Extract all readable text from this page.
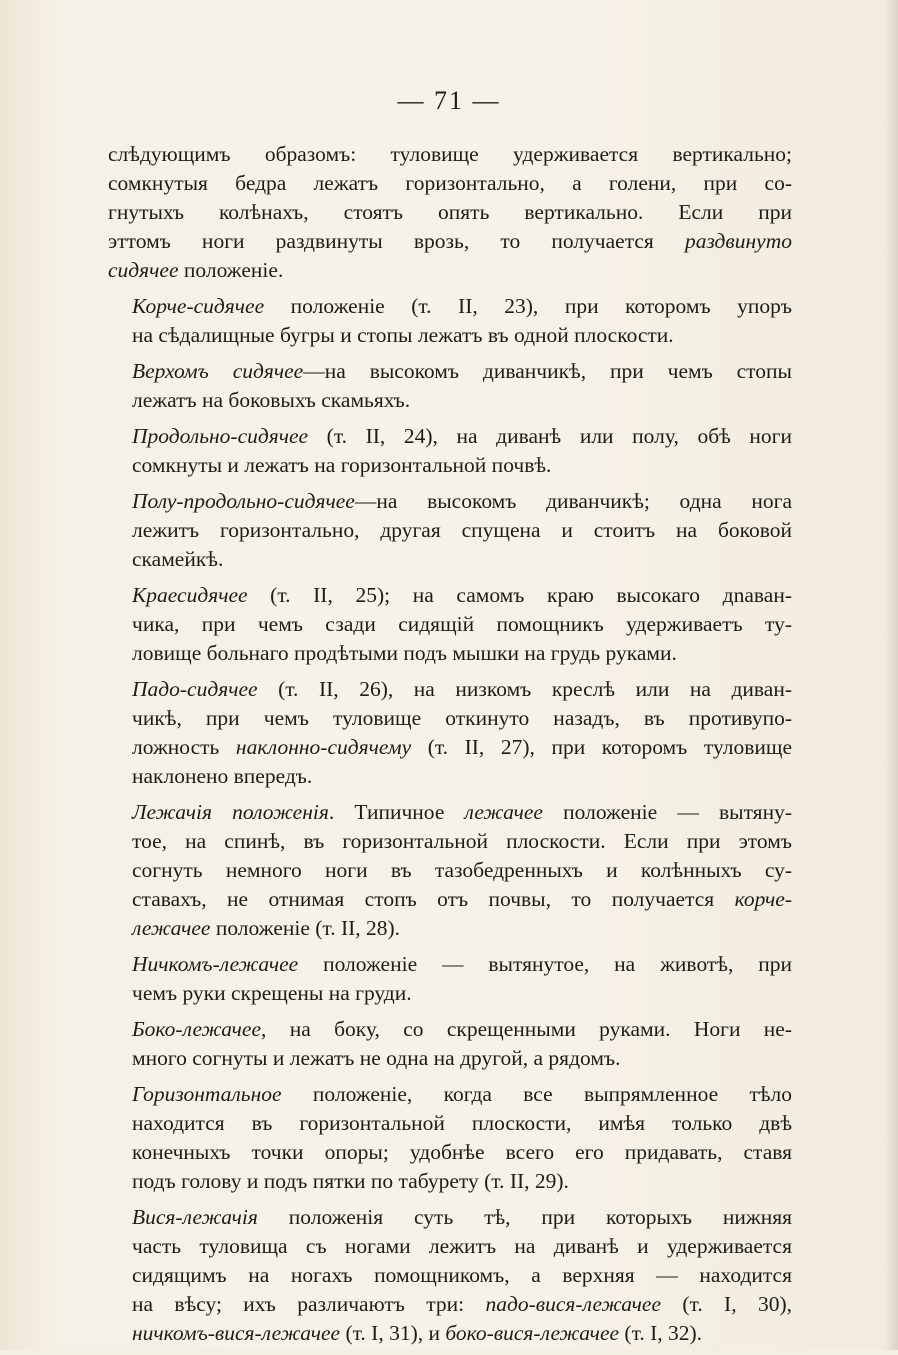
— 71 —
слѣдующимъ образомъ: туловище удерживается вертикально;
сомкнутыя бедра лежатъ горизонтально, а голени, при со-
гнутыхъ колѣнахъ, стоятъ опять вертикально. Если при
эттомъ ноги раздвинуты врозь, то получается раздвинуто
сидячее положеніе.
Корче-сидячее положеніе (т. II, 23), при которомъ упоръ
на сѣдалищные бугры и стопы лежатъ въ одной плоскости.
Верхомъ сидячее—на высокомъ диванчикѣ, при чемъ стопы
лежатъ на боковыхъ скамьяхъ.
Продольно-сидячее (т. II, 24), на диванѣ или полу, обѣ ноги
сомкнуты и лежатъ на горизонтальной почвѣ.
Полу-продольно-сидячее—на высокомъ диванчикѣ; одна нога
лежитъ горизонтально, другая спущена и стоитъ на боковой
скамейкѣ.
Краесидячее (т. II, 25); на самомъ краю высокаго дnaван-
чика, при чемъ сзади сидящій помощникъ удерживаетъ ту-
ловище больнаго продѣтыми подъ мышки на грудь руками.
Падо-сидячее (т. II, 26), на низкомъ креслѣ или на диван-
чикѣ, при чемъ туловище откинуто назадъ, въ противупо-
ложность наклонно-сидячему (т. II, 27), при которомъ туловище
наклонено впередъ.
Лежачія положенія. Типичное лежачее положеніе — вытяну-
тое, на спинѣ, въ горизонтальной плоскости. Если при этомъ
согнуть немного ноги въ тазобедренныхъ и колѣнныхъ су-
ставахъ, не отнимая стопъ отъ почвы, то получается корче-
лежачее положеніе (т. II, 28).
Ничкомъ-лежачее положеніе — вытянутое, на животѣ, при
чемъ руки скрещены на груди.
Боко-лежачее, на боку, со скрещенными руками. Ноги не-
много согнуты и лежатъ не одна на другой, а рядомъ.
Горизонтальное положеніе, когда все выпрямленное тѣло
находится въ горизонтальной плоскости, имѣя только двѣ
конечныхъ точки опоры; удобнѣе всего его придавать, ставя
подъ голову и подъ пятки по табурету (т. II, 29).
Вися-лежачія положенія суть тѣ, при которыхъ нижняя
часть туловища съ ногами лежитъ на диванѣ и удерживается
сидящимъ на ногахъ помощникомъ, а верхняя — находится
на вѣсу; ихъ различаютъ три: падо-вися-лежачее (т. I, 30),
ничкомъ-вися-лежачее (т. I, 31), и боко-вися-лежачее (т. I, 32).
